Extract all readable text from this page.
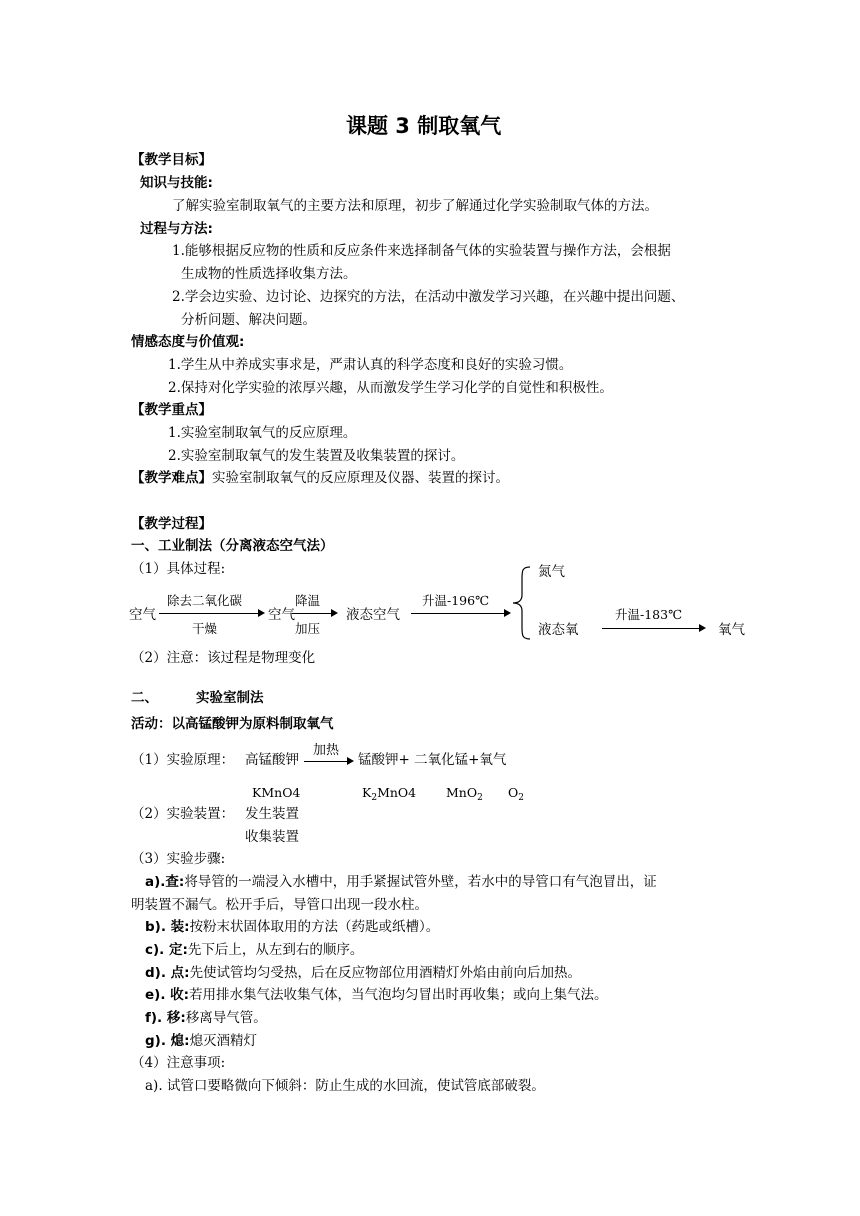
课题 3 制取氧气
【教学目标】
知识与技能:
了解实验室制取氧气的主要方法和原理，初步了解通过化学实验制取气体的方法。
过程与方法:
1.能够根据反应物的性质和反应条件来选择制备气体的实验装置与操作方法，会根据
生成物的性质选择收集方法。
2.学会边实验、边讨论、边探究的方法，在活动中激发学习兴趣，在兴趣中提出问题、
分析问题、解决问题。
情感态度与价值观:
1.学生从中养成实事求是，严肃认真的科学态度和良好的实验习惯。
2.保持对化学实验的浓厚兴趣，从而激发学生学习化学的自觉性和积极性。
【教学重点】
1.实验室制取氧气的反应原理。
2.实验室制取氧气的发生装置及收集装置的探讨。
【教学难点】实验室制取氧气的反应原理及仪器、装置的探讨。
【教学过程】
一、工业制法（分离液态空气法）
（1）具体过程:
空气
除去二氧化碳
干燥
空气
降温
加压
液态空气
升温-196℃
氮气
液态氧
升温-183℃
氧气
（2）注意：该过程是物理变化
二、	实验室制法
活动：以高锰酸钾为原料制取氧气
（1）实验原理： 高锰酸钾
加热
锰酸钾+ 二氧化锰+氧气
KMnO4	$K_2MnO4$ MnO$_2$ $O_2$
（2）实验装置： 发生装置
收集装置
（3）实验步骤:
a).查:将导管的一端浸入水槽中，用手紧握试管外壁，若水中的导管口有气泡冒出，证
明装置不漏气。松开手后，导管口出现一段水柱。
b). 装:按粉末状固体取用的方法（药匙或纸槽）。
c). 定:先下后上，从左到右的顺序。
d). 点:先使试管均匀受热，后在反应物部位用酒精灯外焰由前向后加热。
e). 收:若用排水集气法收集气体，当气泡均匀冒出时再收集；或向上集气法。
f). 移:移离导气管。
g). 熄:熄灭酒精灯
（4）注意事项:
a). 试管口要略微向下倾斜：防止生成的水回流，使试管底部破裂。
